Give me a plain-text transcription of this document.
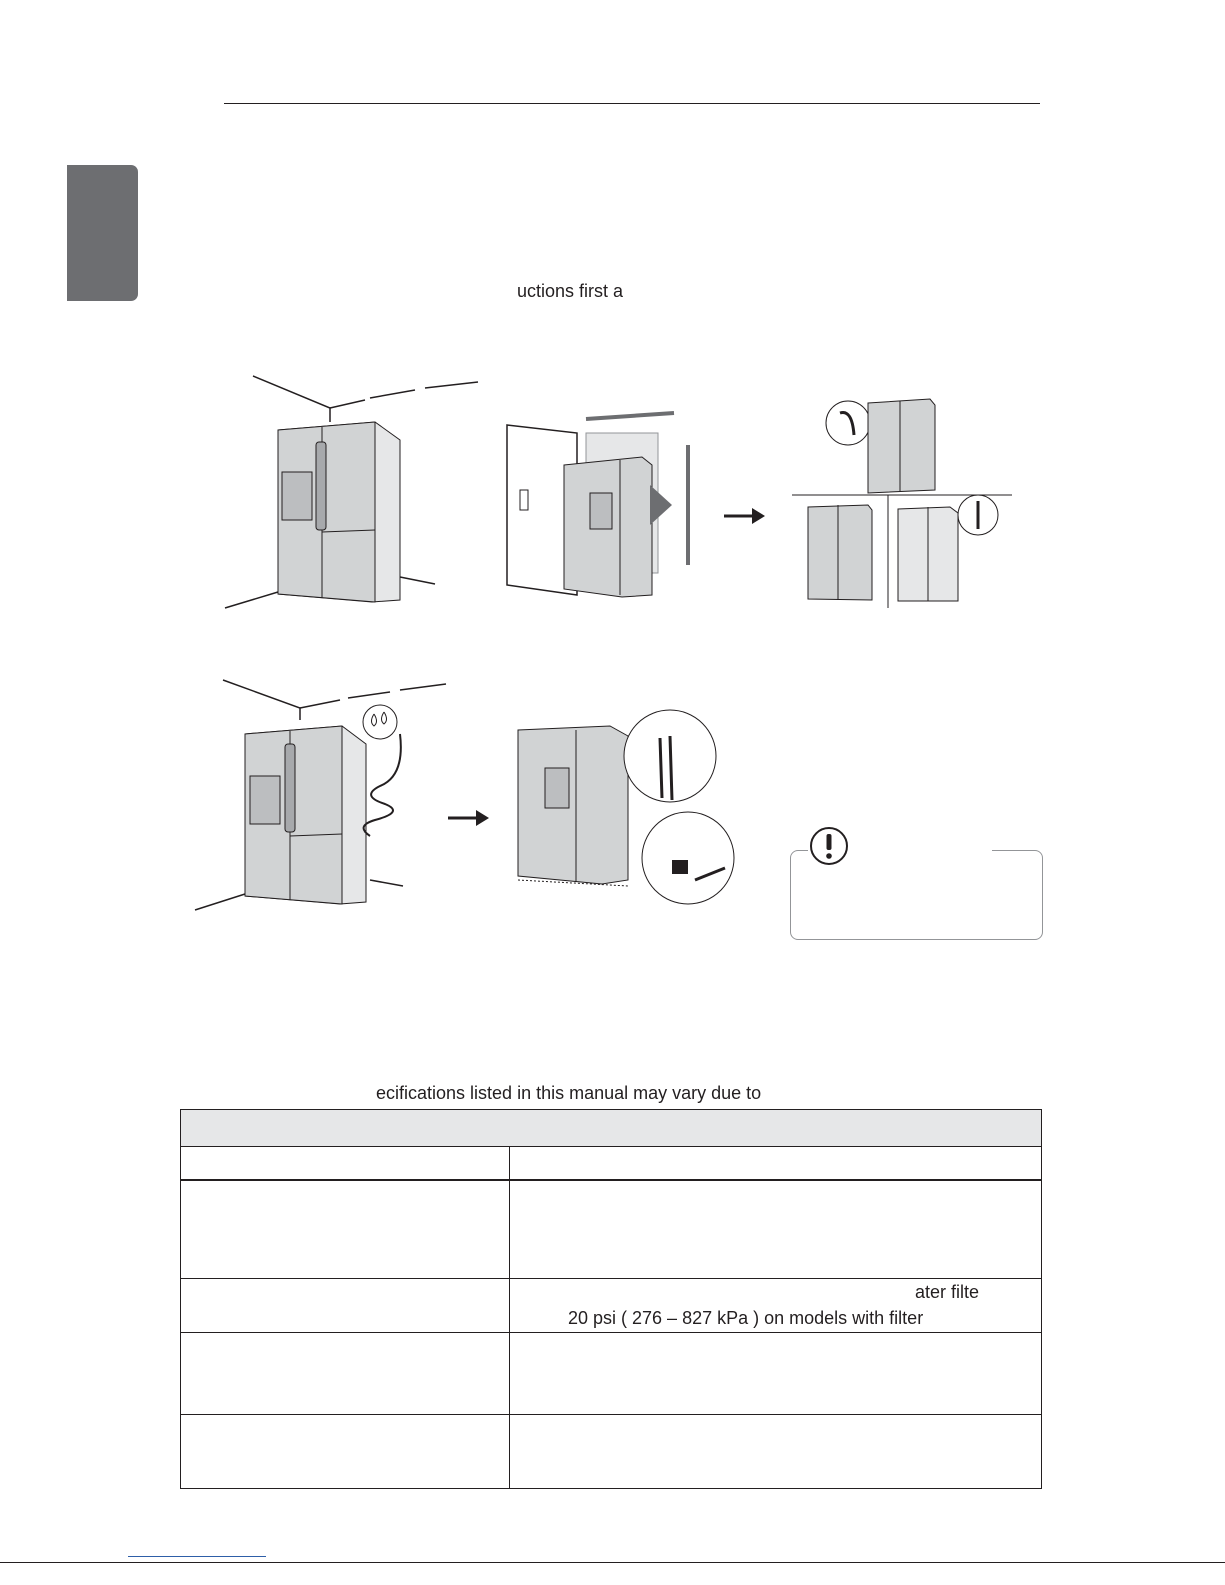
uctions first a
ecifications listed in this manual may vary due to

	ater filte
20 psi ( 276 – 827 kPa ) on models with filter
